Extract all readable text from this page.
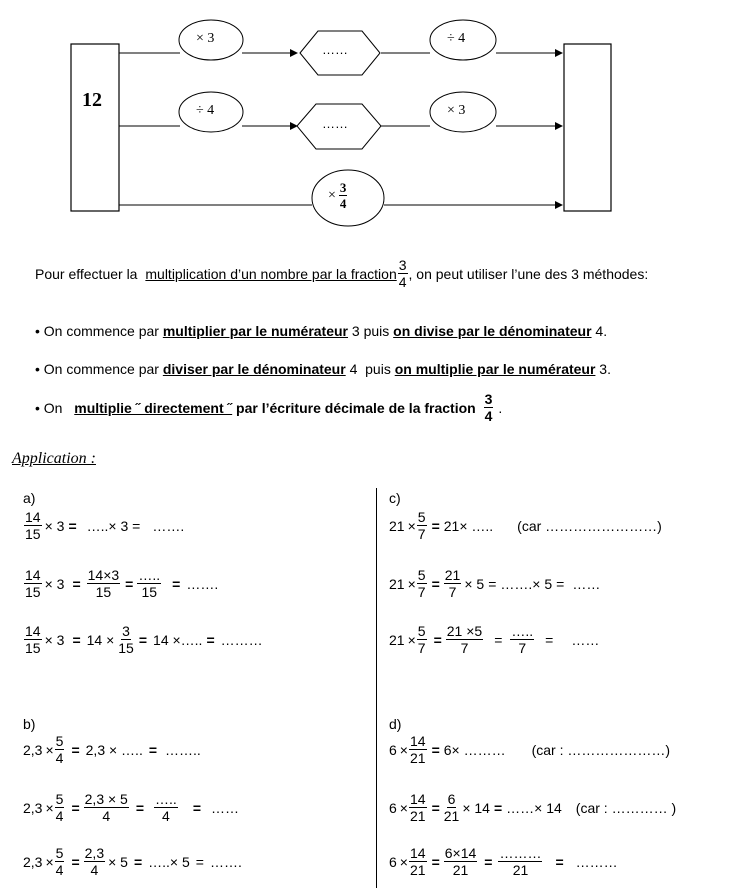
12
× 3
……
÷ 4
÷ 4
……
× 3
× $\frac{3}{4}$
Pour effectuer la multiplication d’un nombre par la fraction $\frac{3}{4}$ , on peut utiliser l’une des 3 méthodes:
• On commence par multiplier par le numérateur 3 puis on divise par le dénominateur 4.
• On commence par diviser par le dénominateur 4  puis on multiplie par le numérateur 3.
• On multiplie ˝ directement ˝ par l’écriture décimale de la fraction $\frac{3}{4}$ .
Application :
a)
$\frac{14}{15} \times 3$ = …..× 3 = …….
$\frac{14}{15} \times 3 = \frac{14\times 3}{15}$ =
…..
15
= …….
$\frac{14}{15} \times 3 = 14 \times \frac{3}{15} = 14$ ×….. = ………
b)
$2,3 \times \frac{5}{4} = 2,3$ × ….. = ……..
$2,3 \times \frac{5}{4} = \frac{2,3 \times 5}{4}$ =
…..
4
= ……
$2,3 \times \frac{5}{4} = \frac{2,3}{4} \times 5$ = …..× 5 = …….
c)
$21 \times \frac{5}{7} = 21\times$ ….. (car ……………………)
$21 \times \frac{5}{7} = \frac{21}{7} \times 5$ = …….× 5 = ……
$21 \times \frac{5}{7} = \frac{21 \times 5}{7}$ =
…..
7
= ……
d)
$6 \times \frac{14}{21} = 6\times$ ……… (car : …………………)
$6 \times \frac{14}{21} = \frac{6}{21} \times 14$ = ……× 14 (car : ………… )
$6 \times \frac{14}{21} = \frac{6\times 14}{21}$ =
………
21
= ………
